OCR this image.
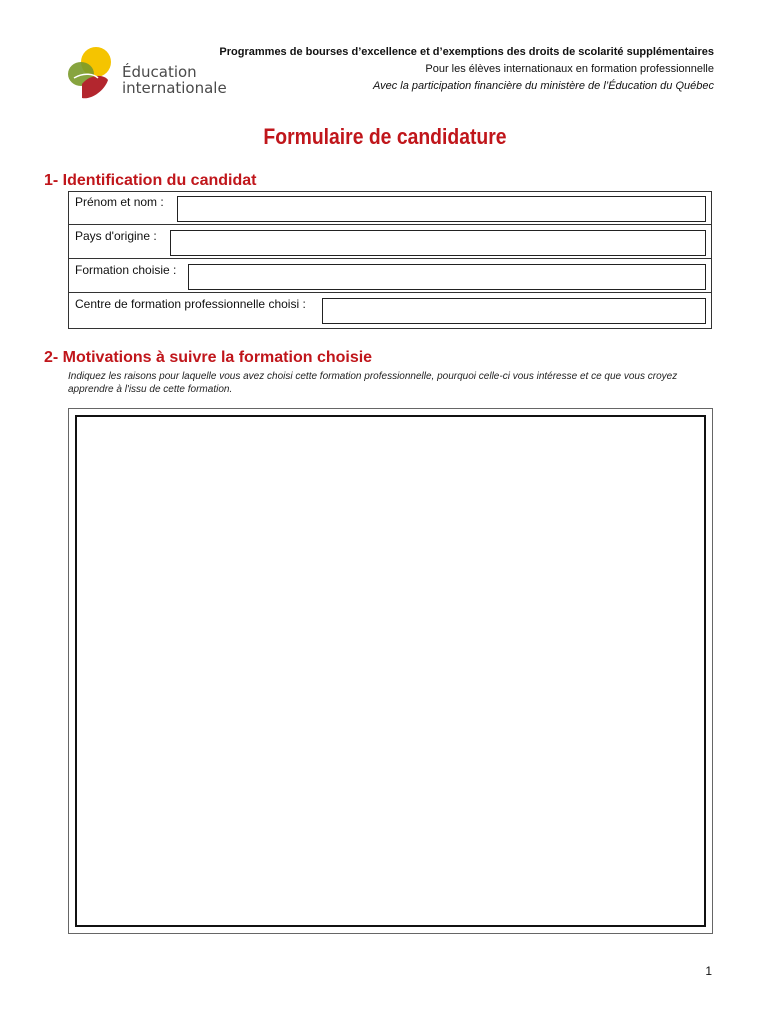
Éducation
internationale
Programmes de bourses d’excellence et d’exemptions des droits de scolarité supplémentaires
Pour les élèves internationaux en formation professionnelle
Avec la participation financière du ministère de l’Éducation du Québec
Formulaire de candidature
1- Identification du candidat
Prénom et nom :
Pays d'origine :
Formation choisie :
Centre de formation professionnelle choisi :
2- Motivations à suivre la formation choisie
Indiquez les raisons pour laquelle vous avez choisi cette formation professionnelle, pourquoi celle-ci vous intéresse et ce que vous croyez apprendre à l'issu de cette formation.
1
